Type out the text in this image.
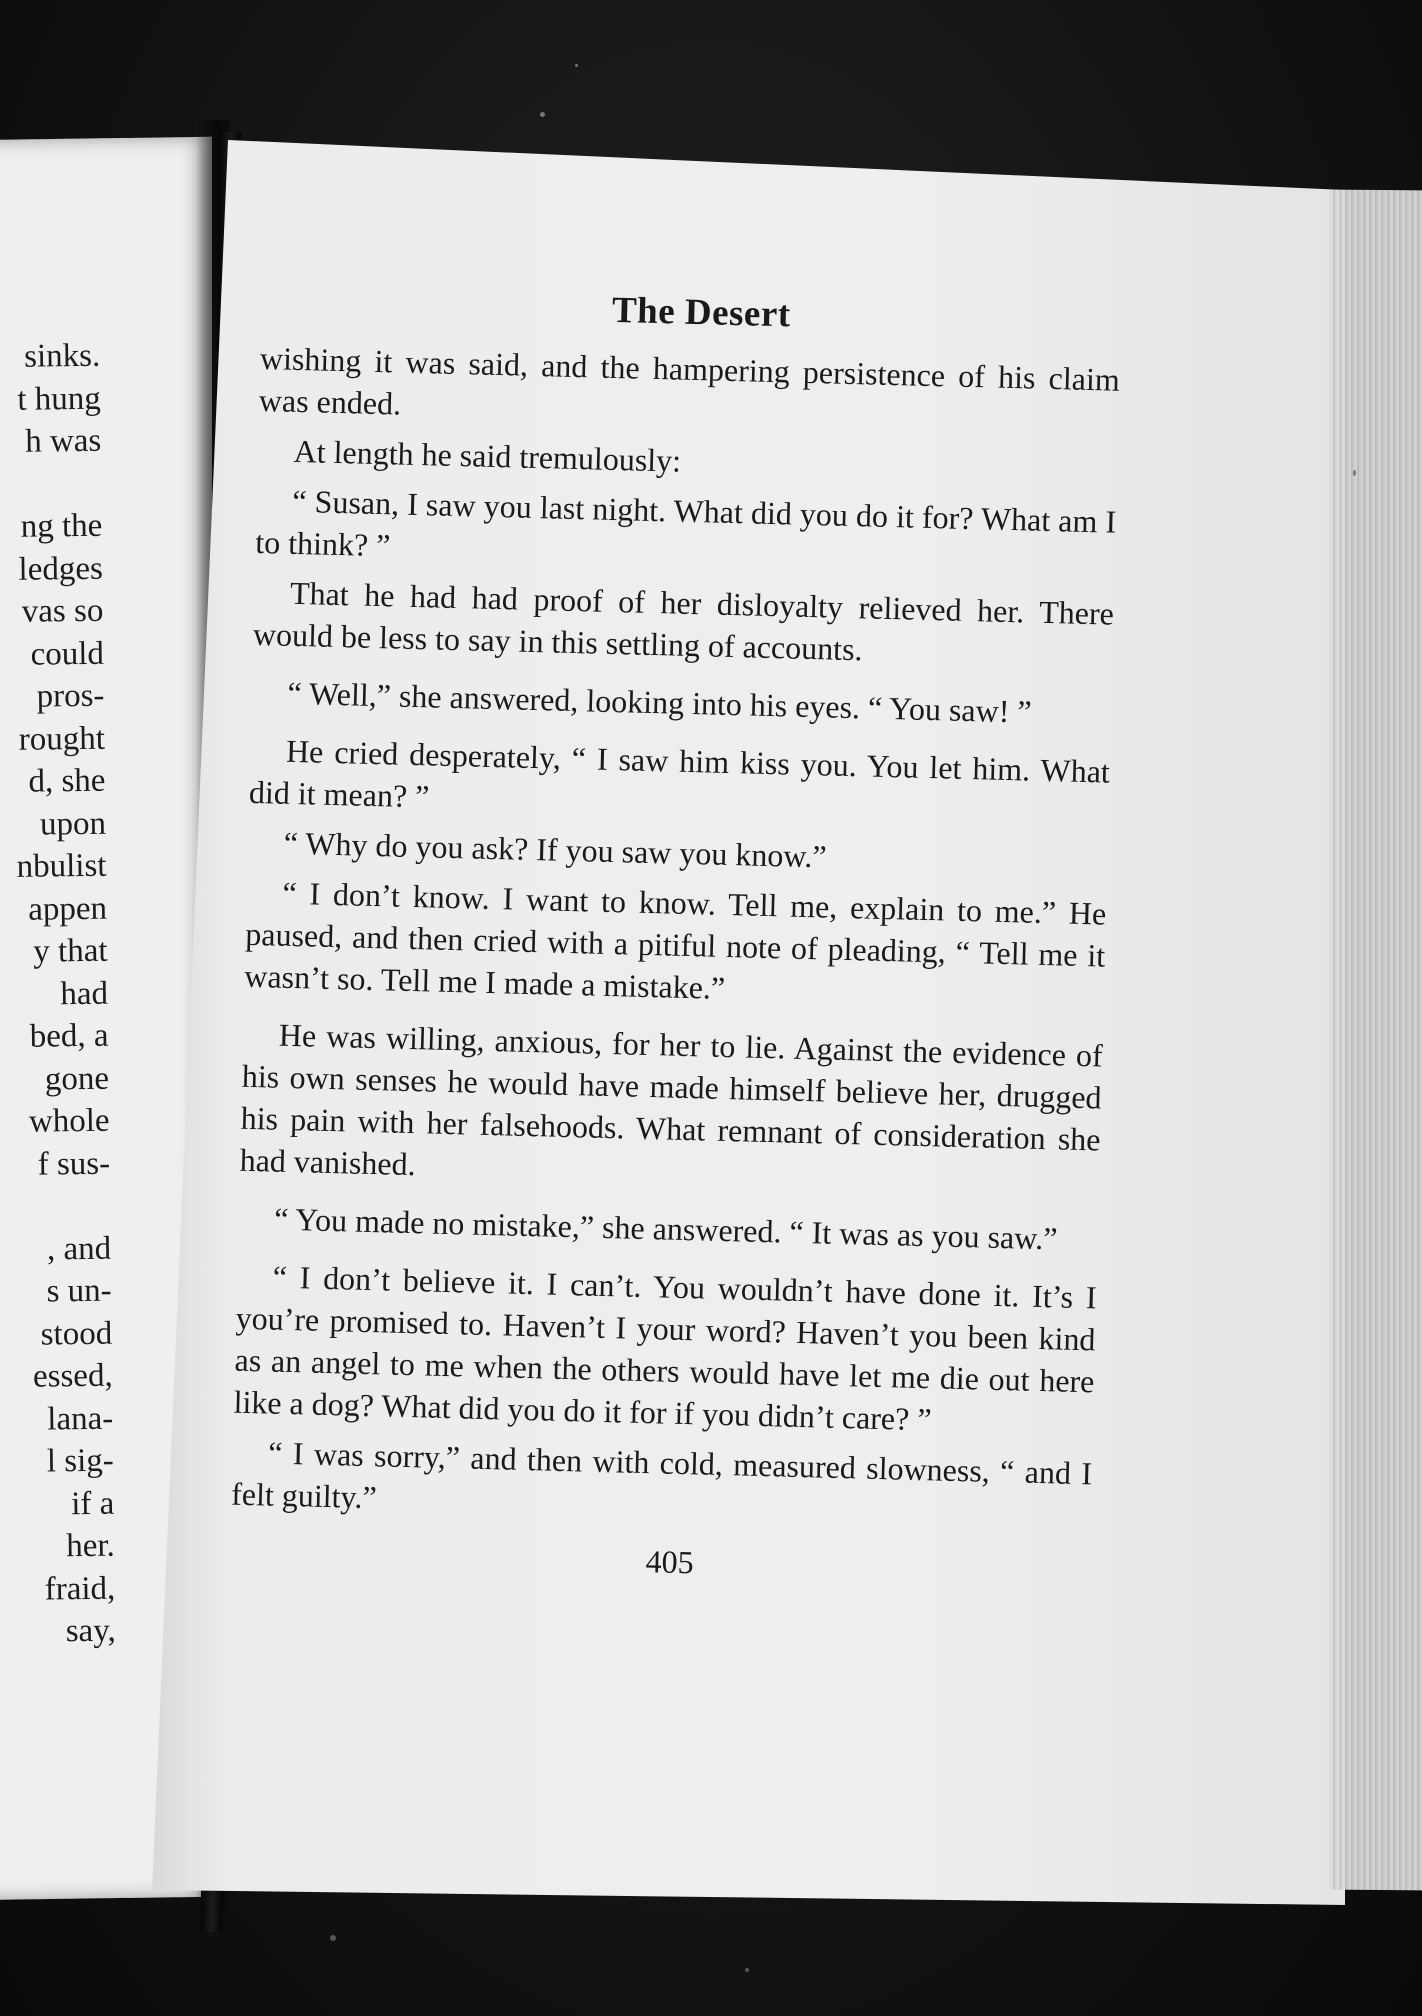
sinks.
t hung
h was
ng the
ledges
vas so
could
pros-
rought
d, she
upon
nbulist
appen
y that
had
bed, a
gone
whole
f sus-
, and
s un-
stood
essed,
lana-
l sig-
if a
her.
fraid,
say,
The Desert

wishing it was said, and the hampering persistence of his claim was ended.

At length he said tremulously:

“ Susan, I saw you last night. What did you do it for? What am I to think? ”

That he had had proof of her disloyalty relieved her. There would be less to say in this settling of accounts.

“ Well,” she answered, looking into his eyes. “ You saw! ”

He cried desperately, “ I saw him kiss you. You let him. What did it mean? ”

“ Why do you ask? If you saw you know.”

“ I don’t know. I want to know. Tell me, explain to me.” He paused, and then cried with a pitiful note of pleading, “ Tell me it wasn’t so. Tell me I made a mistake.”

He was willing, anxious, for her to lie. Against the evidence of his own senses he would have made himself believe her, drugged his pain with her falsehoods. What remnant of consideration she had vanished.

“ You made no mistake,” she answered. “ It was as you saw.”

“ I don’t believe it. I can’t. You wouldn’t have done it. It’s I you’re promised to. Haven’t I your word? Haven’t you been kind as an angel to me when the others would have let me die out here like a dog? What did you do it for if you didn’t care? ”

“ I was sorry,” and then with cold, measured slowness, “ and I felt guilty.”

405
